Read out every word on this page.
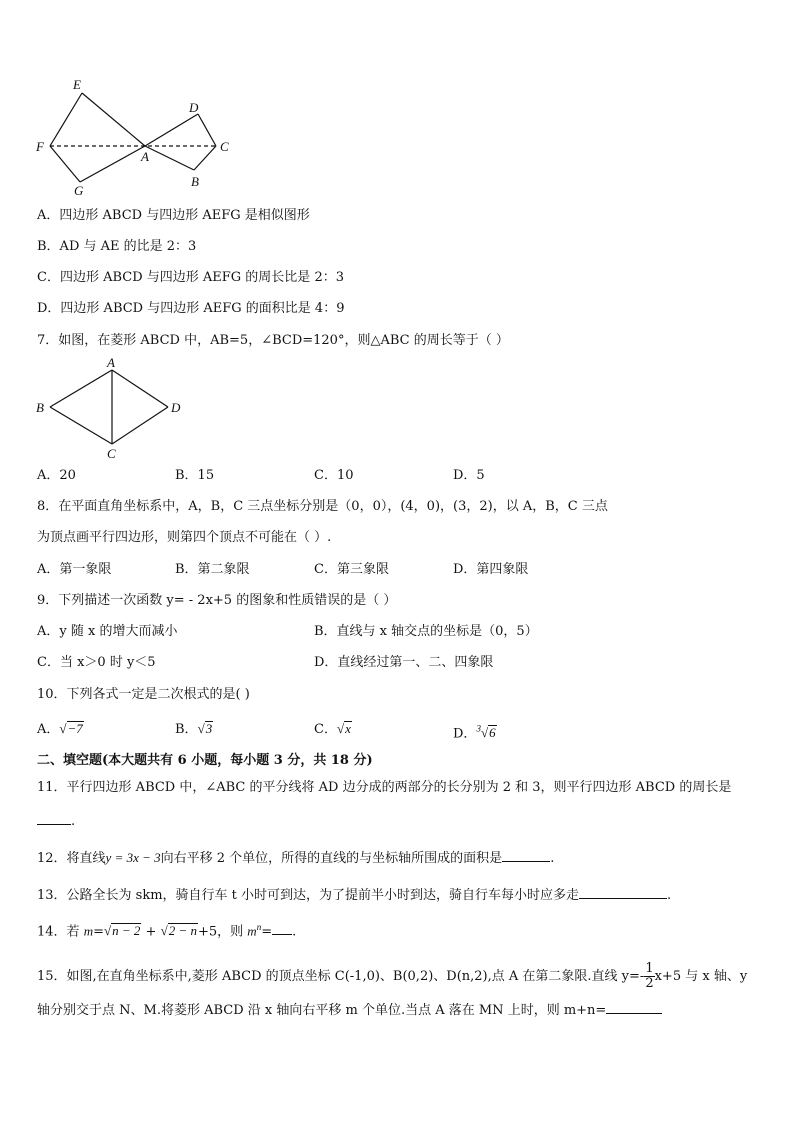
E
D
F
A
C
G
B
A．四边形 ABCD 与四边形 AEFG 是相似图形
B．AD 与 AE 的比是 2：3
C．四边形 ABCD 与四边形 AEFG 的周长比是 2：3
D．四边形 ABCD 与四边形 AEFG 的面积比是 4：9
7．如图，在菱形 ABCD 中，AB=5，∠BCD=120°，则△ABC 的周长等于（ ）
A
B	D
C
A．20	B．15	C．10	D．5
8．在平面直角坐标系中，A，B，C 三点坐标分别是（0，0），(4，0)，(3，2)，以 A，B，C 三点
为顶点画平行四边形，则第四个顶点不可能在（ ）.
A．第一象限	B．第二象限	C．第三象限	D．第四象限
9．下列描述一次函数 y= - 2x+5 的图象和性质错误的是（ ）
A．y 随 x 的增大而减小	B．直线与 x 轴交点的坐标是（0，5）
C．当 x＞0 时 y＜5	D．直线经过第一、二、四象限
10．下列各式一定是二次根式的是( )
A．√−7	B．√3	C．√x	D．$^3$√6
二、填空题(本大题共有 6 小题，每小题 3 分，共 18 分)
11．平行四边形 ABCD 中，∠ABC 的平分线将 AD 边分成的两部分的长分别为 2 和 3，则平行四边形 ABCD 的周长是
.
12．将直线y = 3x − 3向右平移 2 个单位，所得的直线的与坐标轴所围成的面积是	.
13．公路全长为 skm，骑自行车 t 小时可到达，为了提前半小时到达，骑自行车每小时应多走	.
14．若 m=√n − 2 + √2 − n+5，则 $m^n=$ .
15．如图,在直角坐标系中,菱形 ABCD 的顶点坐标 C(-1,0)、B(0,2)、D(n,2),点 A 在第二象限.直线 $y=- \frac{1}{2} x+5$ 与 x 轴、y
轴分别交于点 N、M.将菱形 ABCD 沿 x 轴向右平移 m 个单位.当点 A 落在 MN 上时，则 m+n=
